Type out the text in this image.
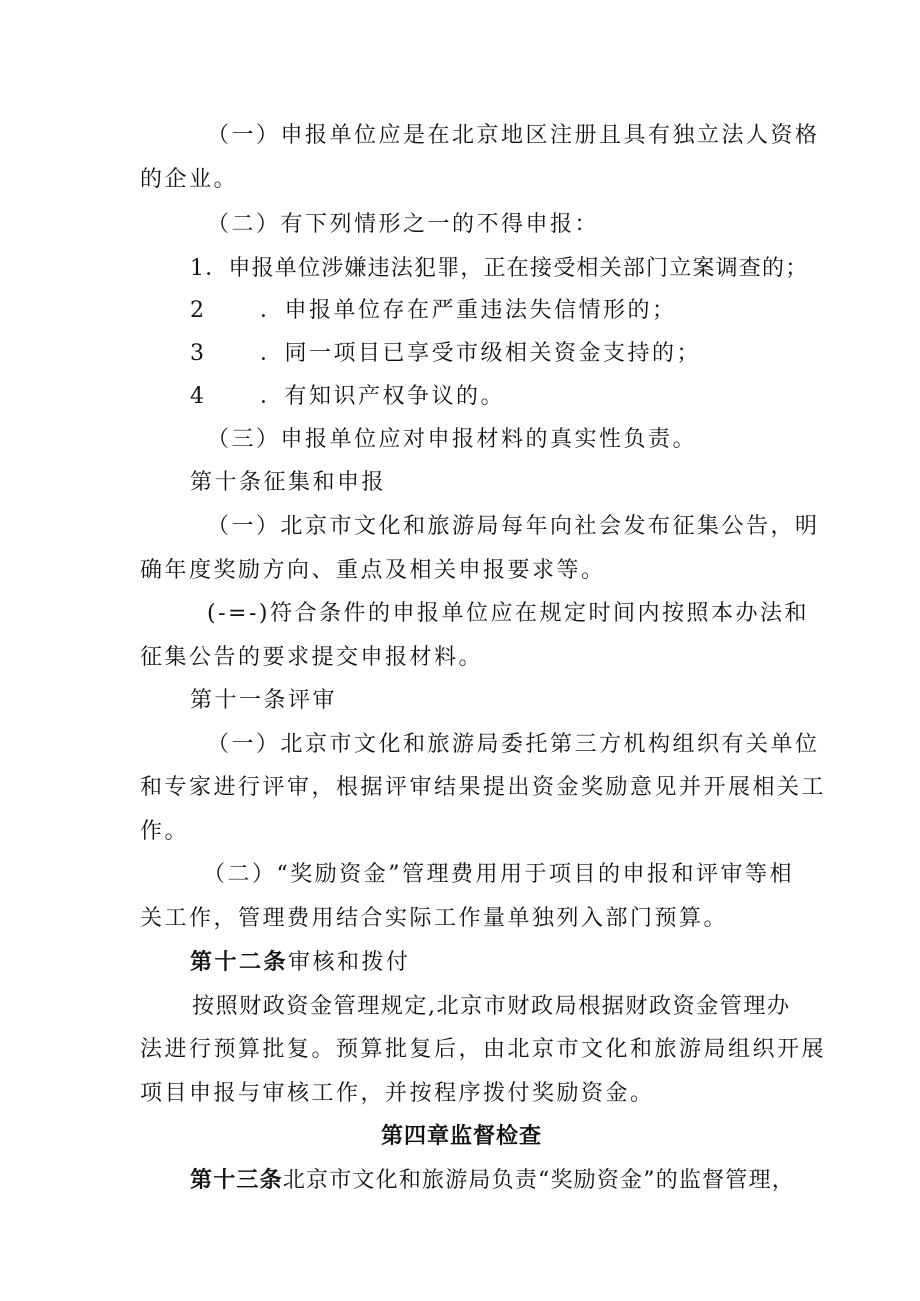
（一）申报单位应是在北京地区注册且具有独立法人资格
的企业。
（二）有下列情形之一的不得申报：
1．申报单位涉嫌违法犯罪，正在接受相关部门立案调查的；
2 ．申报单位存在严重违法失信情形的；
3 ．同一项目已享受市级相关资金支持的；
4 ．有知识产权争议的。
（三）申报单位应对申报材料的真实性负责。
第十条征集和申报
（一）北京市文化和旅游局每年向社会发布征集公告，明
确年度奖励方向、重点及相关申报要求等。
(-=-)符合条件的申报单位应在规定时间内按照本办法和
征集公告的要求提交申报材料。
第十一条评审
（一）北京市文化和旅游局委托第三方机构组织有关单位
和专家进行评审，根据评审结果提出资金奖励意见并开展相关工
作。
（二）“奖励资金”管理费用用于项目的申报和评审等相
关工作，管理费用结合实际工作量单独列入部门预算。
第十二条审核和拨付
按照财政资金管理规定,北京市财政局根据财政资金管理办
法进行预算批复。预算批复后，由北京市文化和旅游局组织开展
项目申报与审核工作，并按程序拨付奖励资金。
第四章监督检查
第十三条北京市文化和旅游局负责“奖励资金”的监督管理，
